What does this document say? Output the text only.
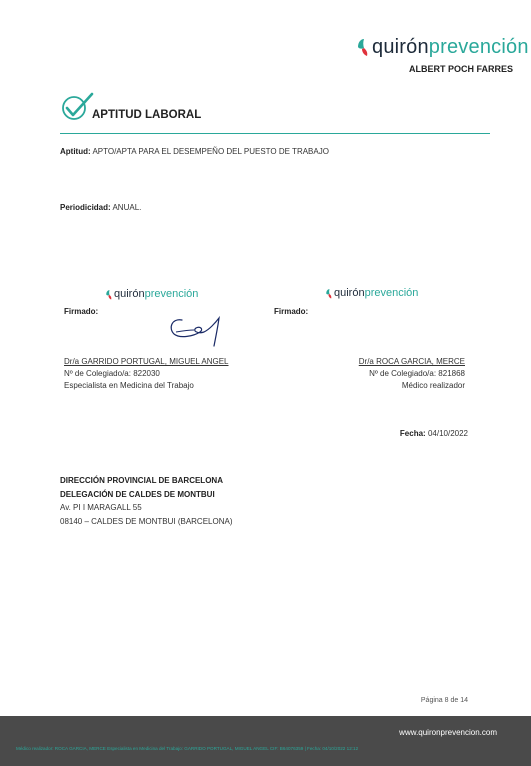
quirón prevención
ALBERT POCH FARRES
APTITUD LABORAL
Aptitud: APTO/APTA PARA EL DESEMPEÑO DEL PUESTO DE TRABAJO
Periodicidad: ANUAL.
quirón prevención
Firmado:
Dr/a GARRIDO PORTUGAL, MIGUEL ANGEL
Nº de Colegiado/a: 822030
Especialista en Medicina del Trabajo
quirón prevención
Firmado:
Dr/a ROCA GARCIA, MERCE
Nº de Colegiado/a: 821868
Médico realizador
Fecha: 04/10/2022
DIRECCIÓN PROVINCIAL DE BARCELONA
DELEGACIÓN DE CALDES DE MONTBUI
Av. PI I MARAGALL 55
08140 – CALDES DE MONTBUI (BARCELONA)
Página 8 de 14
www.quironprevencion.com
Médico realizador: ROCA GARCIA, MERCE Especialista en Medicina del Trabajo: GARRIDO PORTUGAL, MIGUEL ANGEL CIF: B64076359 | Fecha: 04/10/2022 12:12
